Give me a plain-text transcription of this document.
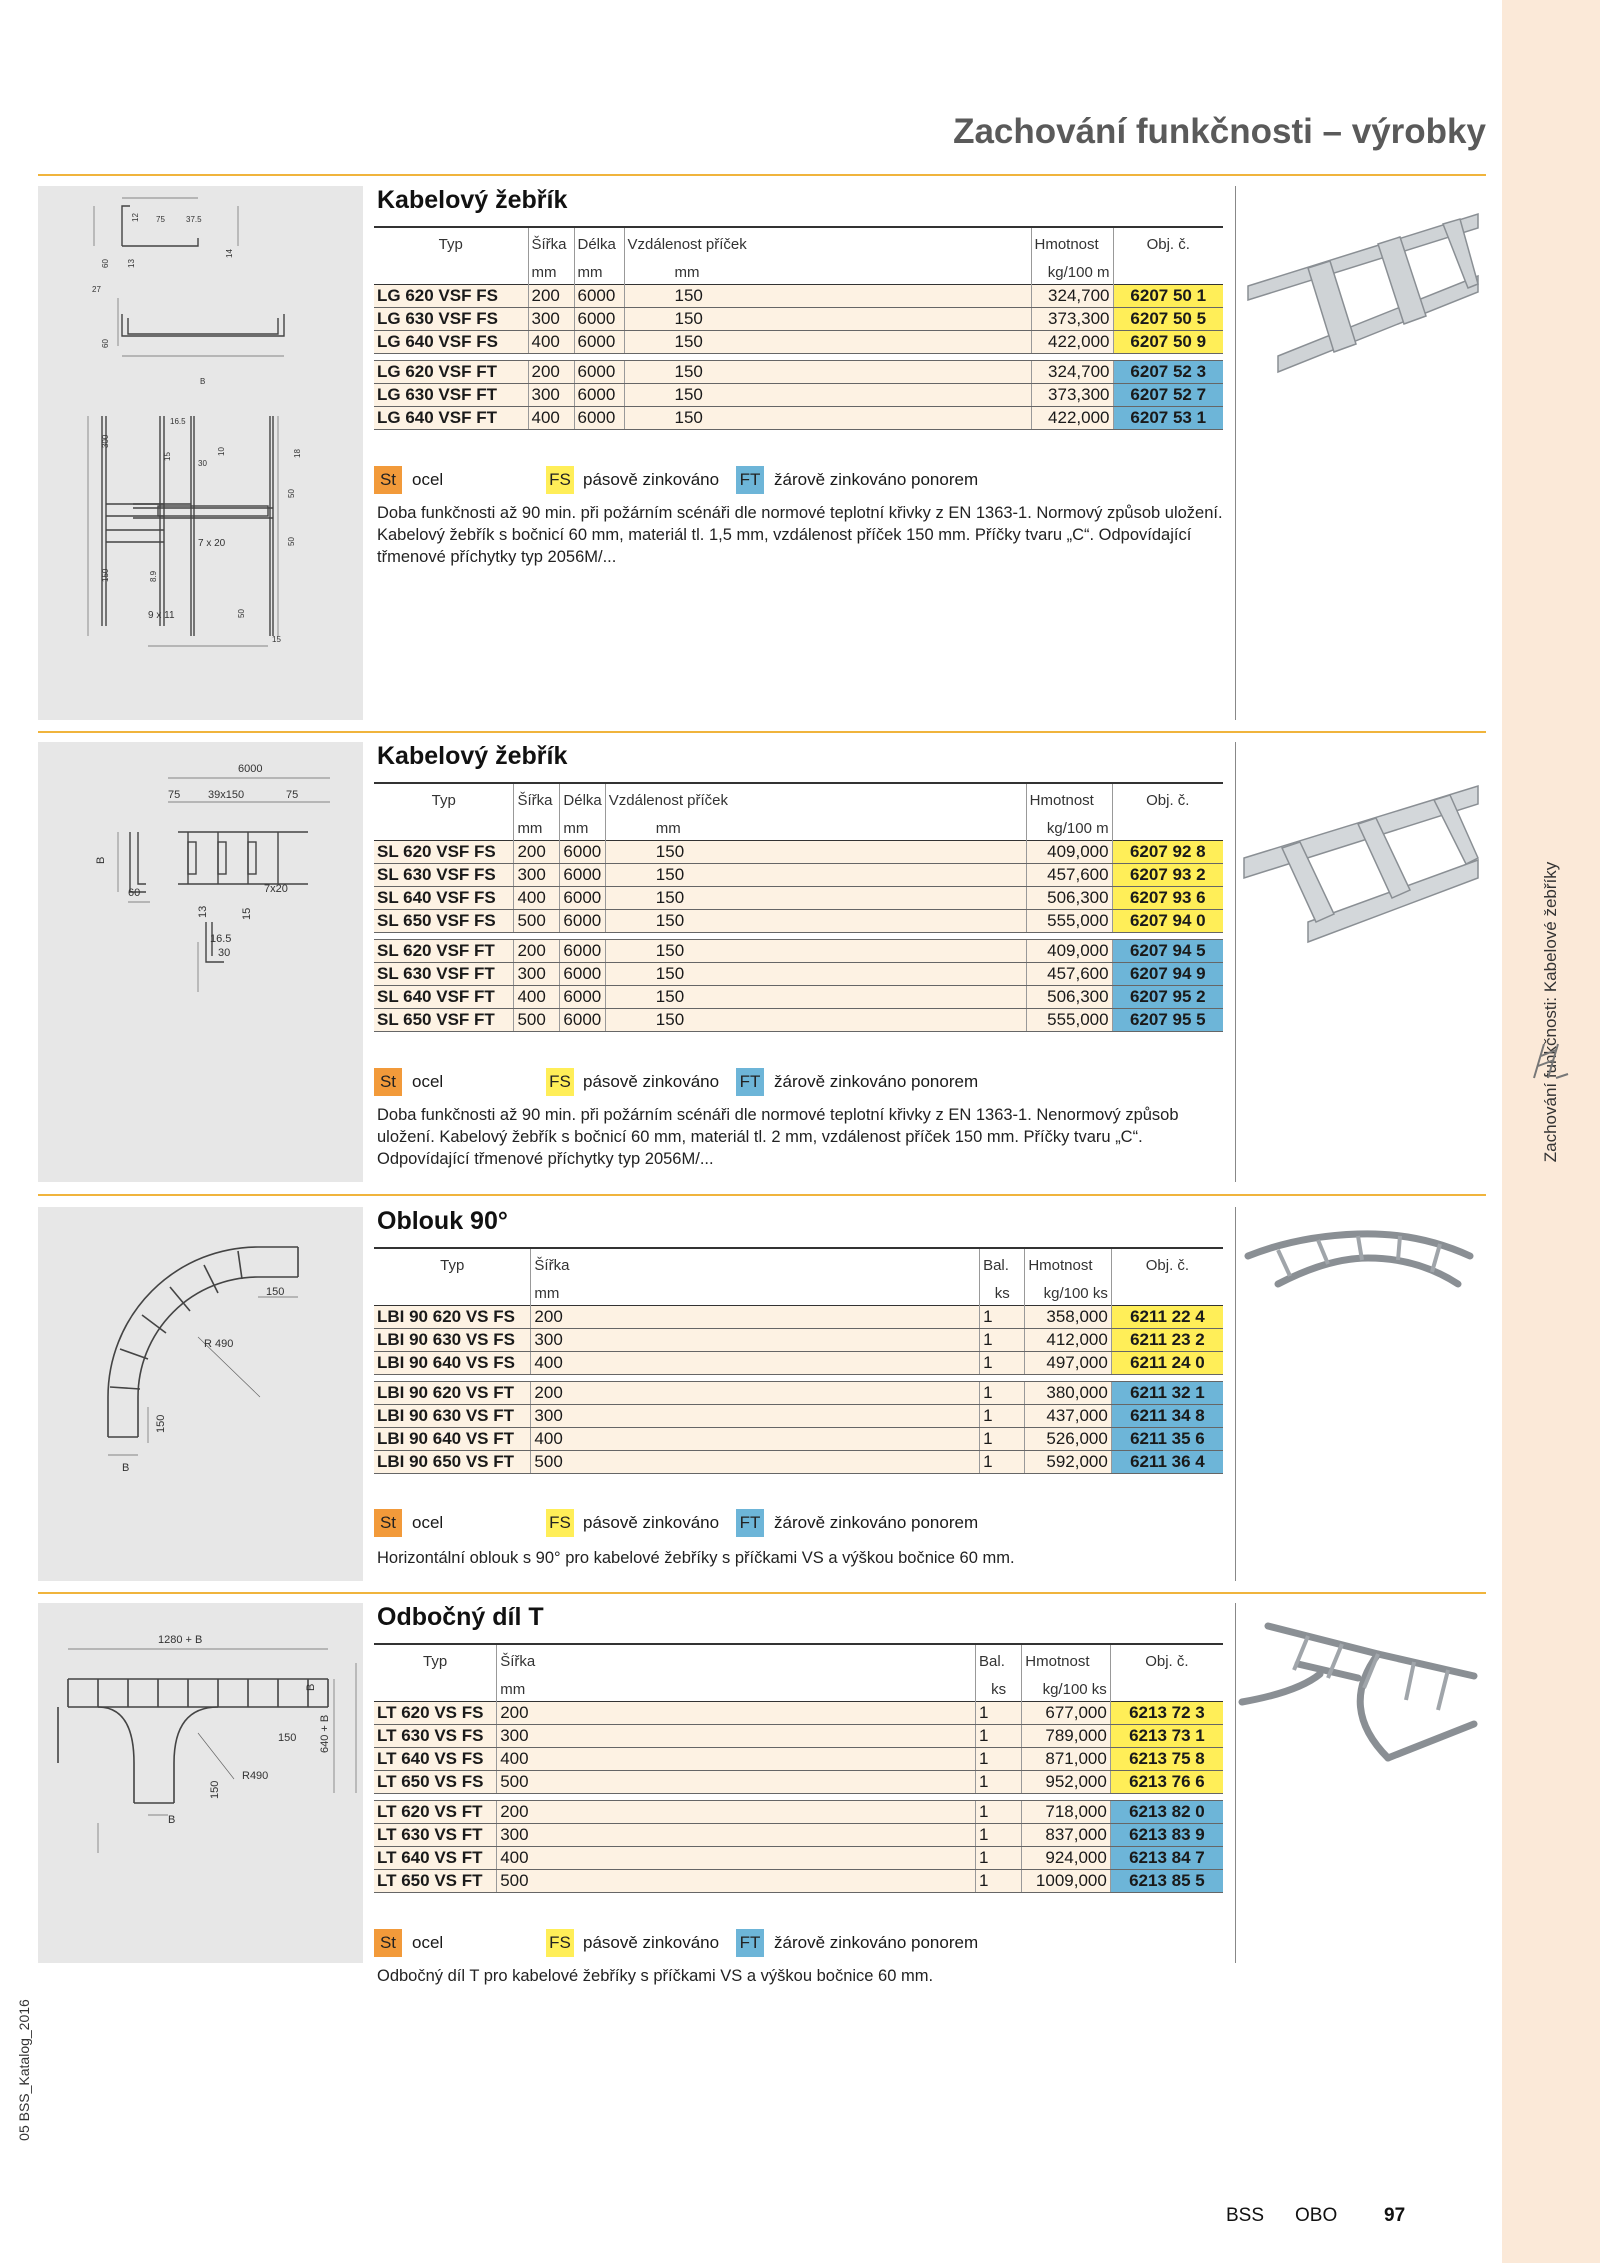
Zachování funkčnosti: Kabelové žebříky
Zachování funkčnosti – výrobky
12 75	37.5
14
60 13
27
60
B
300
16.5
10
15
30
18
50
7 x 20	50
150
9 x 11	50
15
8.9
Kabelový žebřík
Typ	Šířka	Délka	Vzdálenost příček	Hmotnost	Obj. č.
	mm	mm	mm	kg/100 m	
LG 620 VSF FS	200	6000	150	324,700	6207 50 1
LG 630 VSF FS	300	6000	150	373,300	6207 50 5
LG 640 VSF FS	400	6000	150	422,000	6207 50 9

LG 620 VSF FT	200	6000	150	324,700	6207 52 3
LG 630 VSF FT	300	6000	150	373,300	6207 52 7
LG 640 VSF FT	400	6000	150	422,000	6207 53 1
St ocel	FS pásově zinkováno FT žárově zinkováno ponorem
Doba funkčnosti až 90 min. při požárním scénáři dle normové teplotní křivky z EN 1363-1. Normový způsob uložení. Kabelový žebřík s bočnicí 60 mm, materiál tl. 1,5 mm, vzdálenost příček 150 mm. Příčky tvaru „C“. Odpovídající třmenové příchytky typ 2056M/...
6000
75	39x150	75
B
60	7x20
13
16.5
30
15
Kabelový žebřík
Typ	Šířka	Délka	Vzdálenost příček	Hmotnost	Obj. č.
	mm	mm	mm	kg/100 m	
SL 620 VSF FS	200	6000	150	409,000	6207 92 8
SL 630 VSF FS	300	6000	150	457,600	6207 93 2
SL 640 VSF FS	400	6000	150	506,300	6207 93 6
SL 650 VSF FS	500	6000	150	555,000	6207 94 0

SL 620 VSF FT	200	6000	150	409,000	6207 94 5
SL 630 VSF FT	300	6000	150	457,600	6207 94 9
SL 640 VSF FT	400	6000	150	506,300	6207 95 2
SL 650 VSF FT	500	6000	150	555,000	6207 95 5
St ocel	FS pásově zinkováno FT žárově zinkováno ponorem
Doba funkčnosti až 90 min. při požárním scénáři dle normové teplotní křivky z EN 1363-1. Nenormový způsob uložení. Kabelový žebřík s bočnicí 60 mm, materiál tl. 2 mm, vzdálenost příček 150 mm. Příčky tvaru „C“. Odpovídající třmenové příchytky typ 2056M/...
150
R 490
150
B
Oblouk 90°
Typ	Šířka	Bal.	Hmotnost	Obj. č.
	mm	ks	kg/100 ks	
LBI 90 620 VS FS	200	1	358,000	6211 22 4
LBI 90 630 VS FS	300	1	412,000	6211 23 2
LBI 90 640 VS FS	400	1	497,000	6211 24 0

LBI 90 620 VS FT	200	1	380,000	6211 32 1
LBI 90 630 VS FT	300	1	437,000	6211 34 8
LBI 90 640 VS FT	400	1	526,000	6211 35 6
LBI 90 650 VS FT	500	1	592,000	6211 36 4
St ocel	FS pásově zinkováno FT žárově zinkováno ponorem
Horizontální oblouk s 90° pro kabelové žebříky s příčkami VS a výškou bočnice 60 mm.
1280 + B
B
150 640 + B
R490
150
B
Odbočný díl T
Typ	Šířka	Bal.	Hmotnost	Obj. č.
	mm	ks	kg/100 ks	
LT 620 VS FS	200	1	677,000	6213 72 3
LT 630 VS FS	300	1	789,000	6213 73 1
LT 640 VS FS	400	1	871,000	6213 75 8
LT 650 VS FS	500	1	952,000	6213 76 6

LT 620 VS FT	200	1	718,000	6213 82 0
LT 630 VS FT	300	1	837,000	6213 83 9
LT 640 VS FT	400	1	924,000	6213 84 7
LT 650 VS FT	500	1	1009,000	6213 85 5
St ocel	FS pásově zinkováno FT žárově zinkováno ponorem
Odbočný díl T pro kabelové žebříky s příčkami VS a výškou bočnice 60 mm.
05 BSS_Katalog_2016
BSS OBO 97
